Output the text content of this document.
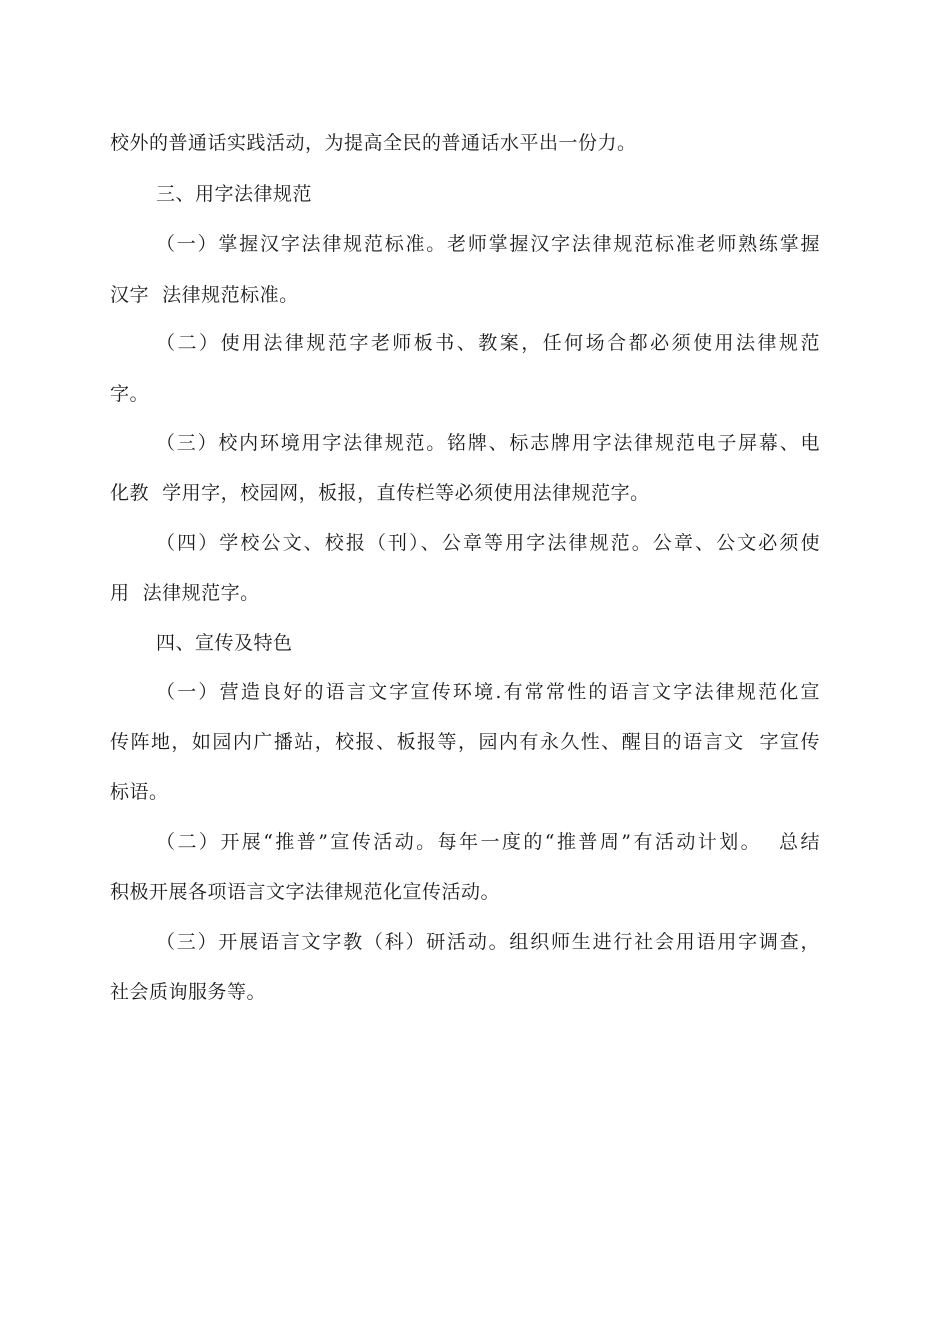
校外的普通话实践活动，为提高全民的普通话水平出一份力。

三、用字法律规范

（一）掌握汉字法律规范标准。老师掌握汉字法律规范标准老师熟练掌握

汉字  法律规范标准。

（二）使用法律规范字老师板书、教案，任何场合都必须使用法律规范

字。

（三）校内环境用字法律规范。铭牌、标志牌用字法律规范电子屏幕、电

化教  学用字，校园网，板报，直传栏等必须使用法律规范字。

（四）学校公文、校报（刊）、公章等用字法律规范。公章、公文必须使

用  法律规范字。

四、宣传及特色

（一）营造良好的语言文字宣传环境.有常常性的语言文字法律规范化宣

传阵地，如园内广播站，校报、板报等，园内有永久性、醒目的语言文  字宣传

标语。

（二）开展“推普”宣传活动。每年一度的“推普周”有活动计划。  总结

积极开展各项语言文字法律规范化宣传活动。

（三）开展语言文字教（科）研活动。组织师生进行社会用语用字调查，

社会质询服务等。
